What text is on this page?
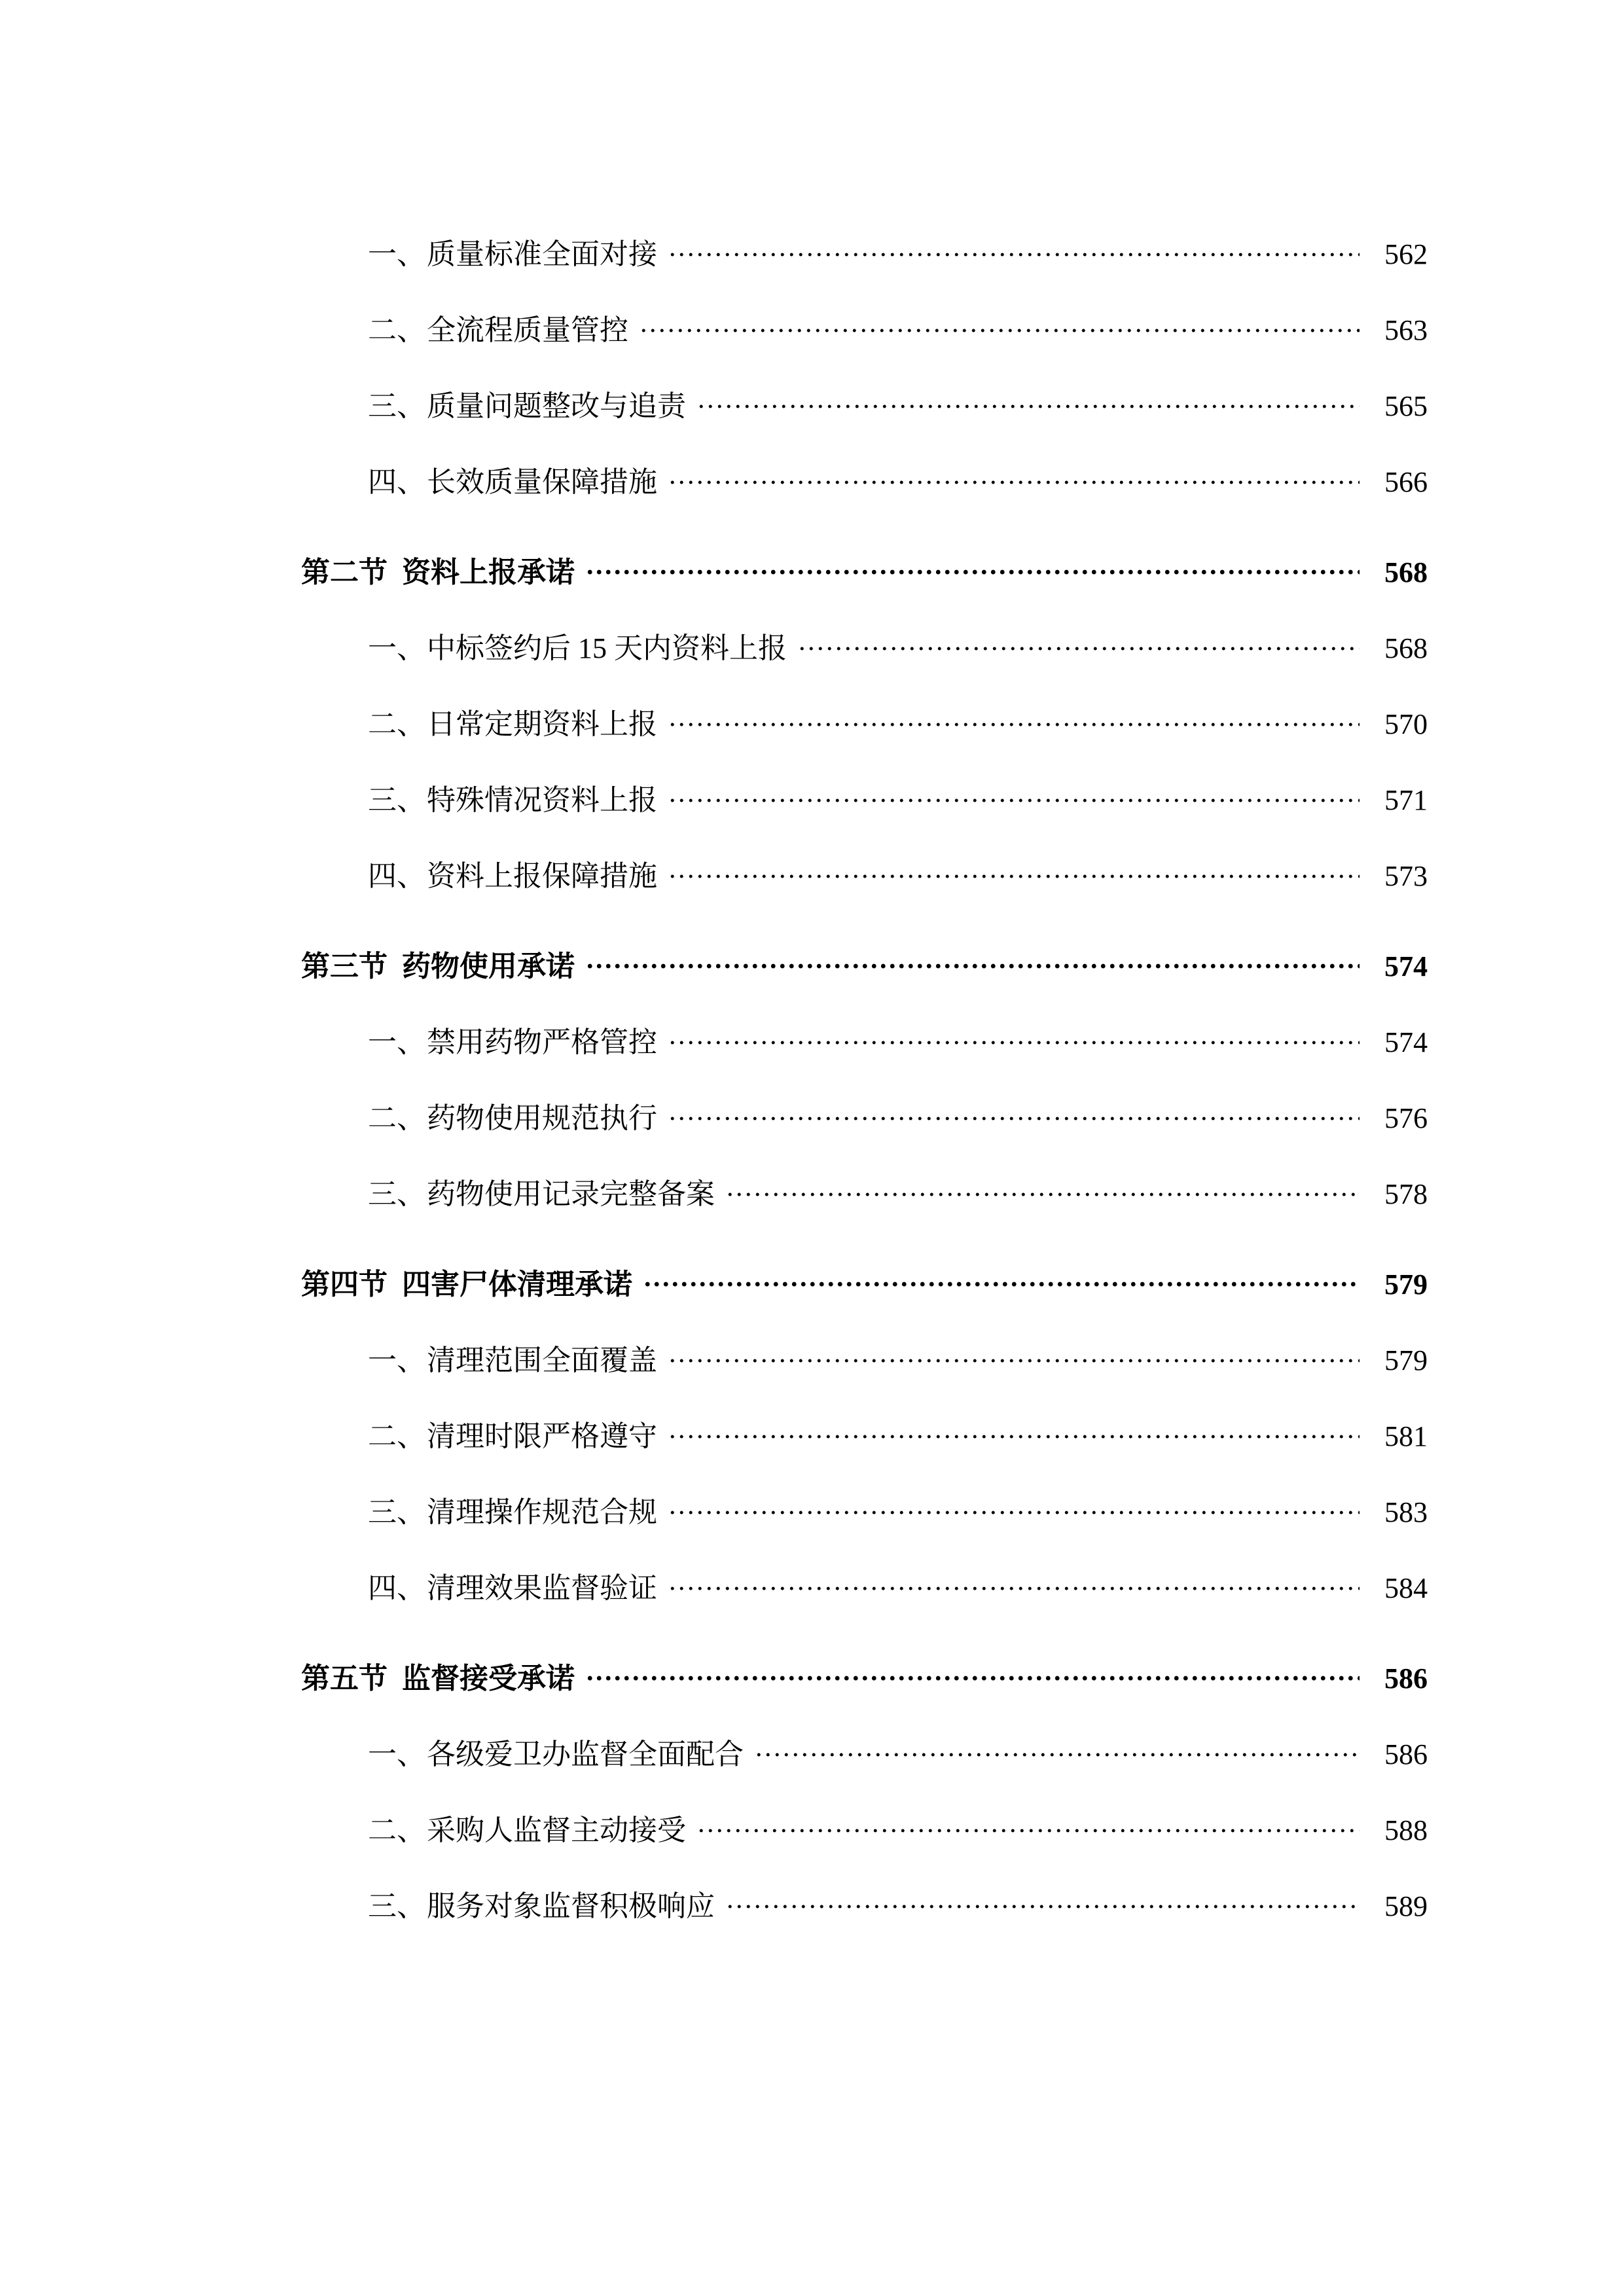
一、 质量标准全面对接 .....	562
二、 全流程质量管控 .....	563
三、 质量问题整改与追责 .....	565
四、 长效质量保障措施 .....	566
第二节 资料上报承诺 .....	568
一、 中标签约后 15 天内资料上报 .....	568
二、 日常定期资料上报 .....	570
三、 特殊情况资料上报 .....	571
四、 资料上报保障措施 .....	573
第三节 药物使用承诺 .....	574
一、 禁用药物严格管控 .....	574
二、 药物使用规范执行 .....	576
三、 药物使用记录完整备案 .....	578
第四节 四害尸体清理承诺 .....	579
一、 清理范围全面覆盖 .....	579
二、 清理时限严格遵守 .....	581
三、 清理操作规范合规 .....	583
四、 清理效果监督验证 .....	584
第五节 监督接受承诺 .....	586
一、 各级爱卫办监督全面配合 .....	586
二、 采购人监督主动接受 .....	588
三、 服务对象监督积极响应 .....	589
